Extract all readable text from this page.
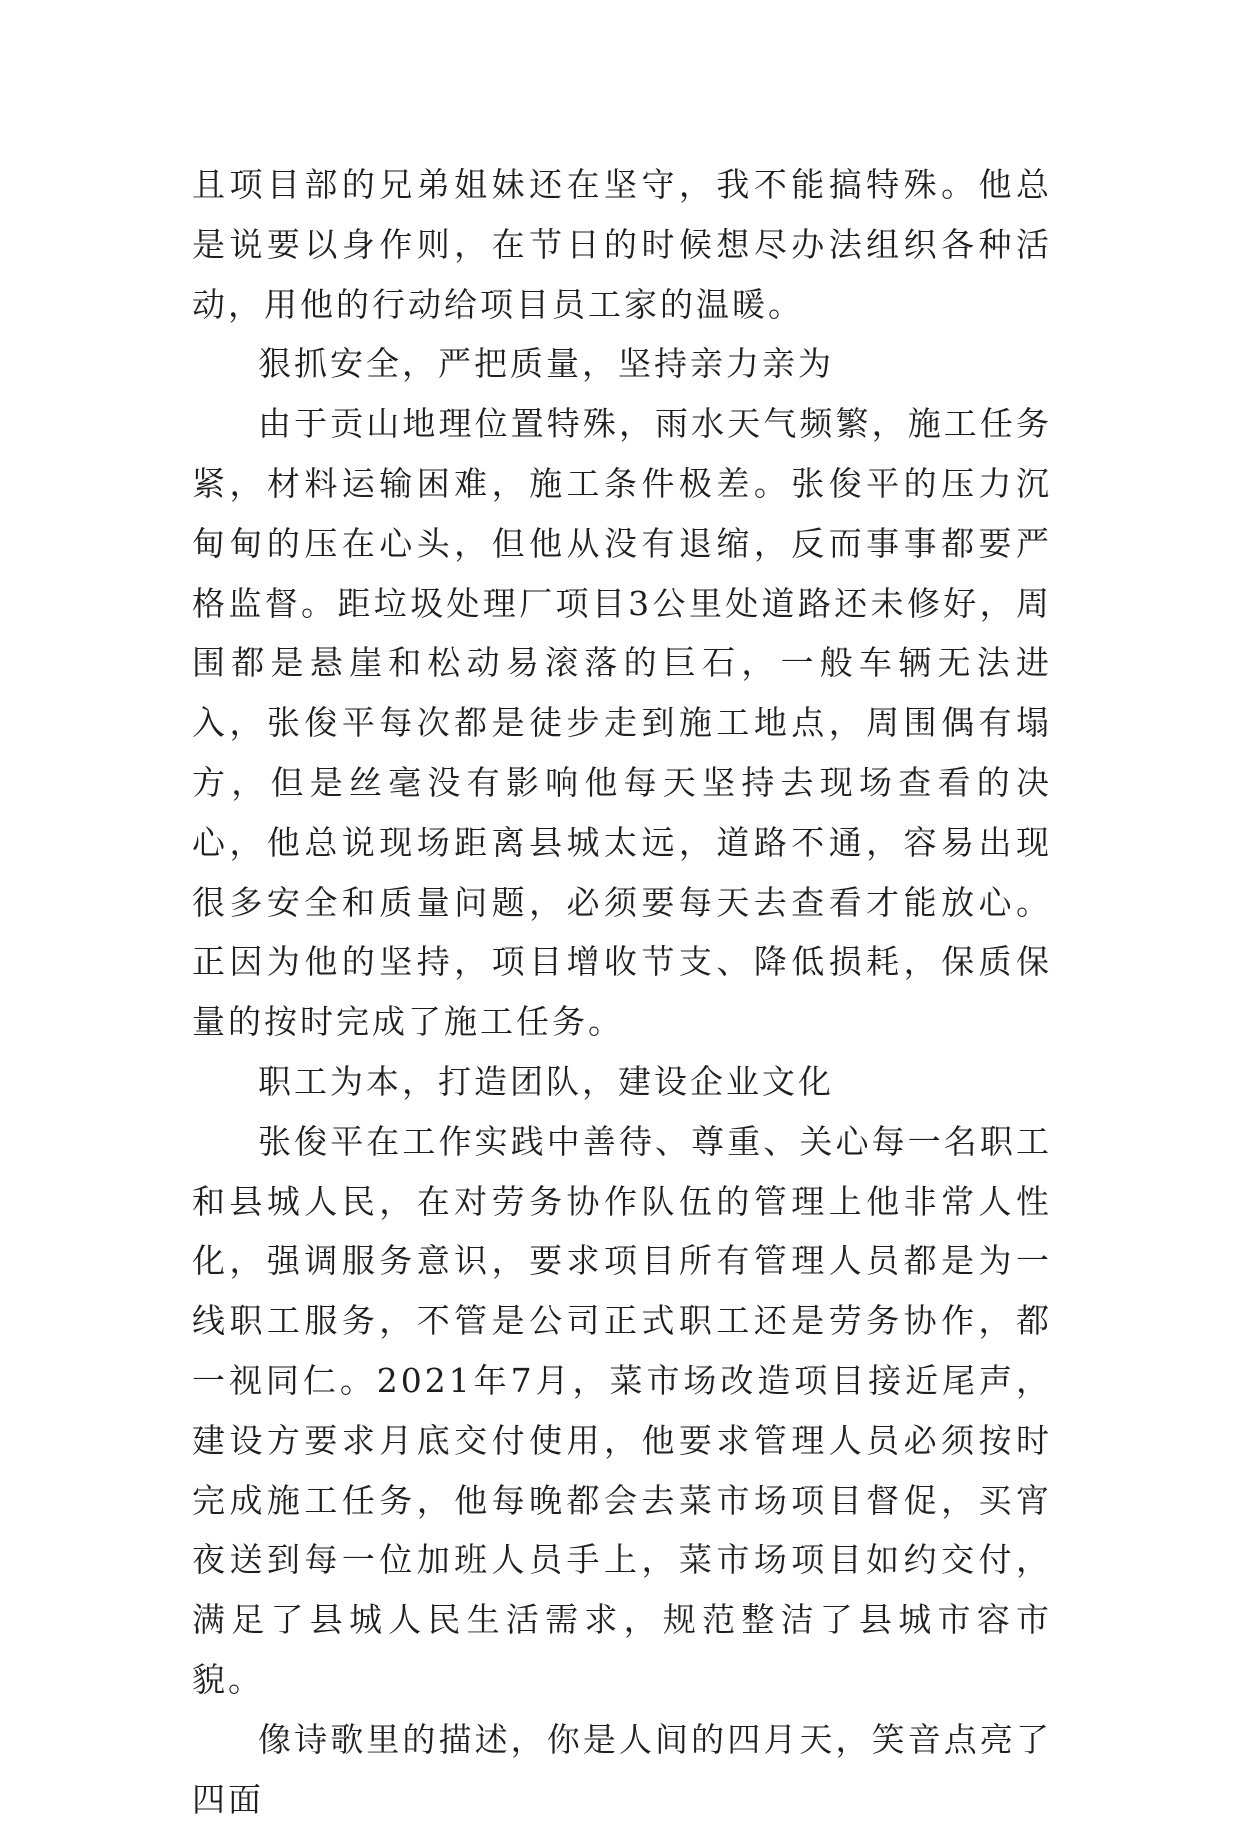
且项目部的兄弟姐妹还在坚守，我不能搞特殊。他总是说要以身作则，在节日的时候想尽办法组织各种活动，用他的行动给项目员工家的温暖。

狠抓安全，严把质量，坚持亲力亲为

由于贡山地理位置特殊，雨水天气频繁，施工任务紧，材料运输困难，施工条件极差。张俊平的压力沉甸甸的压在心头，但他从没有退缩，反而事事都要严格监督。距垃圾处理厂项目3公里处道路还未修好，周围都是悬崖和松动易滚落的巨石，一般车辆无法进入，张俊平每次都是徒步走到施工地点，周围偶有塌方，但是丝毫没有影响他每天坚持去现场查看的决心，他总说现场距离县城太远，道路不通，容易出现很多安全和质量问题，必须要每天去查看才能放心。正因为他的坚持，项目增收节支、降低损耗，保质保量的按时完成了施工任务。

职工为本，打造团队，建设企业文化

张俊平在工作实践中善待、尊重、关心每一名职工和县城人民，在对劳务协作队伍的管理上他非常人性化，强调服务意识，要求项目所有管理人员都是为一线职工服务，不管是公司正式职工还是劳务协作，都一视同仁。2021年7月，菜市场改造项目接近尾声，建设方要求月底交付使用，他要求管理人员必须按时完成施工任务，他每晚都会去菜市场项目督促，买宵夜送到每一位加班人员手上，菜市场项目如约交付，满足了县城人民生活需求，规范整洁了县城市容市貌。

像诗歌里的描述，你是人间的四月天，笑音点亮了四面
